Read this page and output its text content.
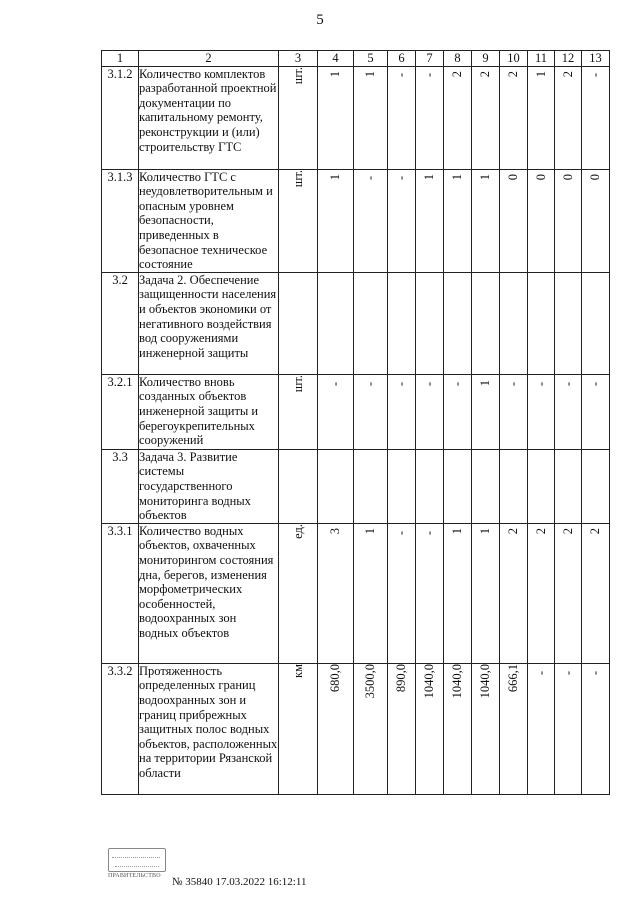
5
1	2	3	4	5	6	7	8	9	10	11	12	13
3.1.2	Количество комплектов разработанной проектной документации по капитальному ремонту, реконструкции и (или) строительству ГТС	шт.	1	1	-	-	2	2	2	1	2	-
3.1.3	Количество ГТС с неудовлетворительным и опасным уровнем безопасности, приведенных в безопасное техническое состояние	шт.	1	-	-	1	1	1	0	0	0	0
3.2	Задача 2. Обеспечение защищенности населения и объектов экономики от негативного воздействия вод сооружениями инженерной защиты											
3.2.1	Количество вновь созданных объектов инженерной защиты и берегоукрепительных сооружений	шт.	-	-	-	-	-	1	-	-	-	-
3.3	Задача 3. Развитие системы государственного мониторинга водных объектов											
3.3.1	Количество водных объектов, охваченных мониторингом состояния дна, берегов, изменения морфометрических особенностей, водоохранных зон водных объектов	ед.	3	1	-	-	1	1	2	2	2	2
3.3.2	Протяженность определенных границ водоохранных зон и границ прибрежных защитных полос водных объектов, расположенных на территории Рязанской области	км	680,0	3500,0	890,0	1040,0	1040,0	1040,0	666,1	-	-	-
ПРАВИТЕЛЬСТВО	№ 35840 17.03.2022 16:12:11
